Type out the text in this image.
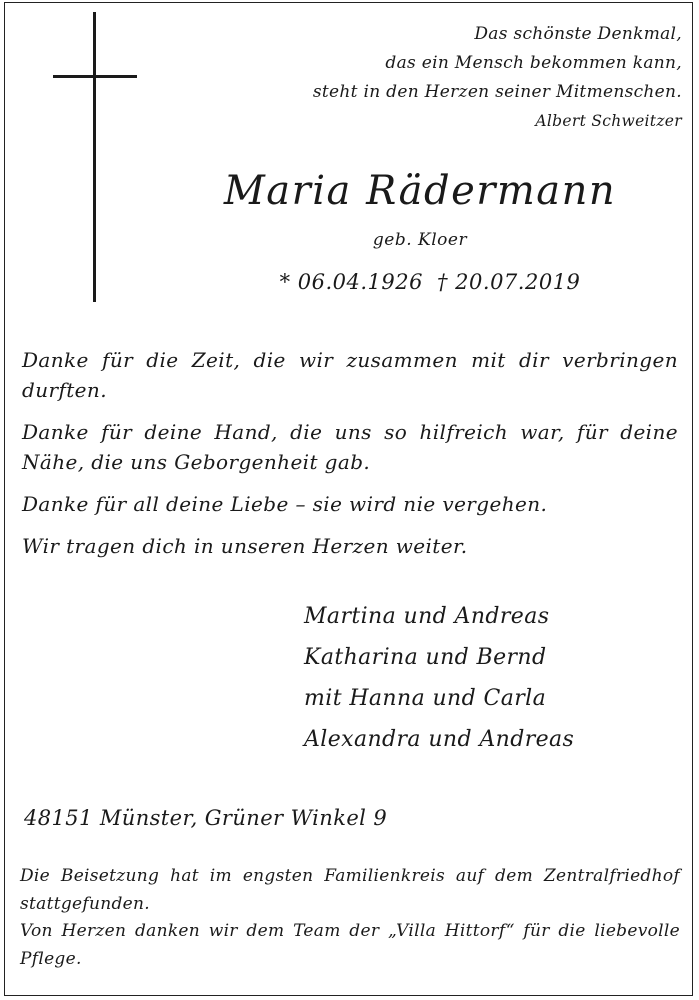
Das schönste Denkmal,
das ein Mensch bekommen kann,
steht in den Herzen seiner Mitmenschen.
Albert Schweitzer
Maria Rädermann
geb. Kloer
* 06.04.1926 † 20.07.2019

Danke für die Zeit, die wir zusammen mit dir verbringen durften.

Danke für deine Hand, die uns so hilfreich war, für deine Nähe, die uns Geborgenheit gab.

Danke für all deine Liebe – sie wird nie vergehen.

Wir tragen dich in unseren Herzen weiter.

Martina und Andreas
Katharina und Bernd
mit Hanna und Carla
Alexandra und Andreas
48151 Münster, Grüner Winkel 9

Die Beisetzung hat im engsten Familienkreis auf dem Zentralfriedhof stattgefunden.

Von Herzen danken wir dem Team der „Villa Hittorf“ für die liebevolle Pflege.
